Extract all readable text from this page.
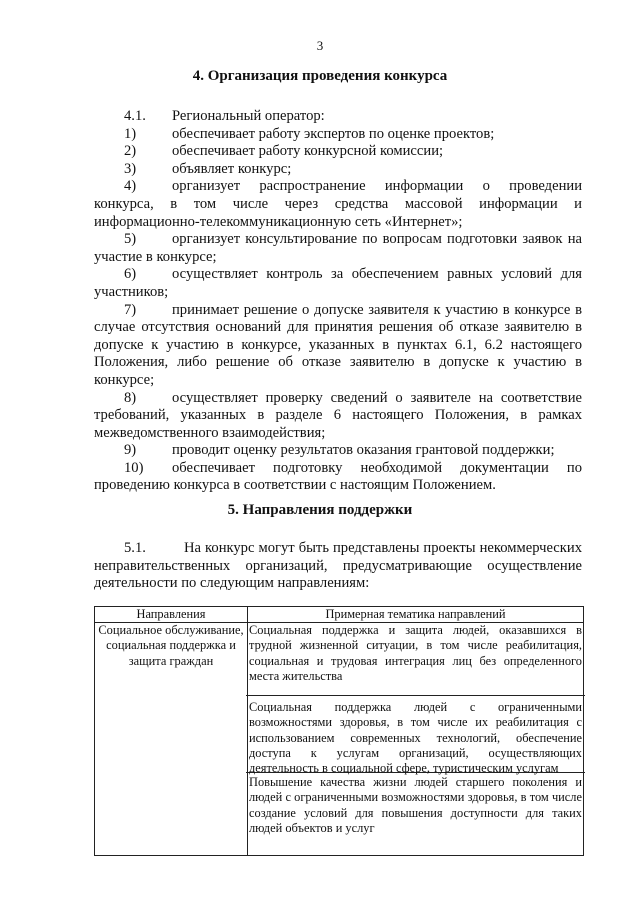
3
4. Организация проведения конкурса
4.1. Региональный оператор:
1) обеспечивает работу экспертов по оценке проектов;
2) обеспечивает работу конкурсной комиссии;
3) объявляет конкурс;
4) организует распространение информации о проведении конкурса, в том числе через средства массовой информации и информационно-телекоммуникационную сеть «Интернет»;
5) организует консультирование по вопросам подготовки заявок на участие в конкурсе;
6) осуществляет контроль за обеспечением равных условий для участников;
7) принимает решение о допуске заявителя к участию в конкурсе в случае отсутствия оснований для принятия решения об отказе заявителю в допуске к участию в конкурсе, указанных в пунктах 6.1, 6.2 настоящего Положения, либо решение об отказе заявителю в допуске к участию в конкурсе;
8) осуществляет проверку сведений о заявителе на соответствие требований, указанных в разделе 6 настоящего Положения, в рамках межведомственного взаимодействия;
9) проводит оценку результатов оказания грантовой поддержки;
10) обеспечивает подготовку необходимой документации по проведению конкурса в соответствии с настоящим Положением.
5. Направления поддержки
5.1.	На конкурс могут быть представлены проекты некоммерческих неправительственных организаций, предусматривающие осуществление деятельности по следующим направлениям:
Направления	Примерная тематика направлений
Социальное обслуживание, социальная поддержка и защита граждан	Социальная поддержка и защита людей, оказавшихся в трудной жизненной ситуации, в том числе реабилитация, социальная и трудовая интеграция лиц без определенного места жительства
Социальная поддержка людей с ограниченными возможностями здоровья, в том числе их реабилитация с использованием современных технологий, обеспечение доступа к услугам организаций, осуществляющих деятельность в социальной сфере, туристическим услугам
Повышение качества жизни людей старшего поколения и людей с ограниченными возможностями здоровья, в том числе создание условий для повышения доступности для таких людей объектов и услуг
